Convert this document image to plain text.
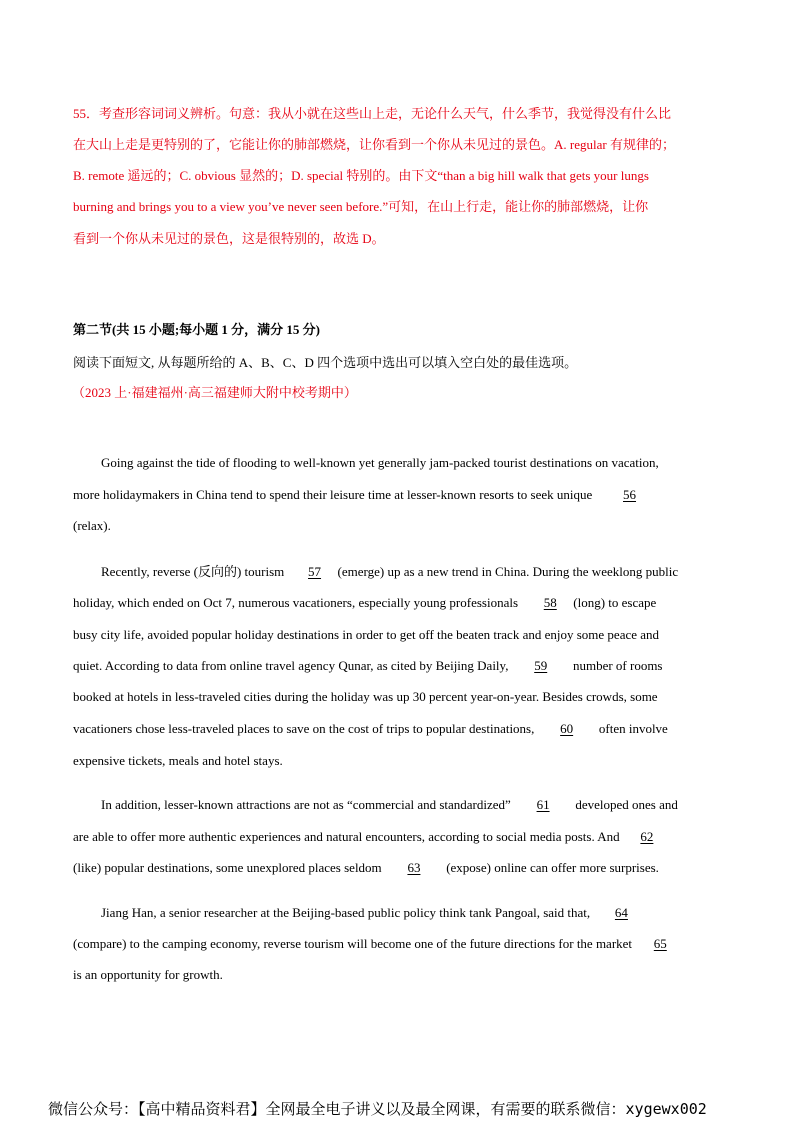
55．考查形容词词义辨析。句意：我从小就在这些山上走，无论什么天气，什么季节，我觉得没有什么比
在大山上走是更特别的了，它能让你的肺部燃烧，让你看到一个你从未见过的景色。A. regular 有规律的；
B. remote 遥远的；C. obvious 显然的；D. special 特别的。由下文“than a big hill walk that gets your lungs
burning and brings you to a view you’ve never seen before.”可知，在山上行走，能让你的肺部燃烧，让你
看到一个你从未见过的景色，这是很特别的，故选 D。
第二节(共 15 小题;每小题 1 分，满分 15 分)
阅读下面短文, 从每题所给的 A、B、C、D 四个选项中选出可以填入空白处的最佳选项。
（2023 上·福建福州·高三福建师大附中校考期中）
Going against the tide of flooding to well-known yet generally jam-packed tourist destinations on vacation,
more holidaymakers in China tend to spend their leisure time at lesser-known resorts to seek unique 56
(relax).
Recently, reverse (反向的) tourism 57 (emerge) up as a new trend in China. During the weeklong public
holiday, which ended on Oct 7, numerous vacationers, especially young professionals 58 (long) to escape
busy city life, avoided popular holiday destinations in order to get off the beaten track and enjoy some peace and
quiet. According to data from online travel agency Qunar, as cited by Beijing Daily, 59 number of rooms
booked at hotels in less-traveled cities during the holiday was up 30 percent year-on-year. Besides crowds, some
vacationers chose less-traveled places to save on the cost of trips to popular destinations, 60 often involve
expensive tickets, meals and hotel stays.
In addition, lesser-known attractions are not as “commercial and standardized” 61 developed ones and
are able to offer more authentic experiences and natural encounters, according to social media posts. And 62
(like) popular destinations, some unexplored places seldom 63 (expose) online can offer more surprises.
Jiang Han, a senior researcher at the Beijing-based public policy think tank Pangoal, said that, 64
(compare) to the camping economy, reverse tourism will become one of the future directions for the market 65
is an opportunity for growth.
微信公众号：【高中精品资料君】全网最全电子讲义以及最全网课，有需要的联系微信：xygewx002
